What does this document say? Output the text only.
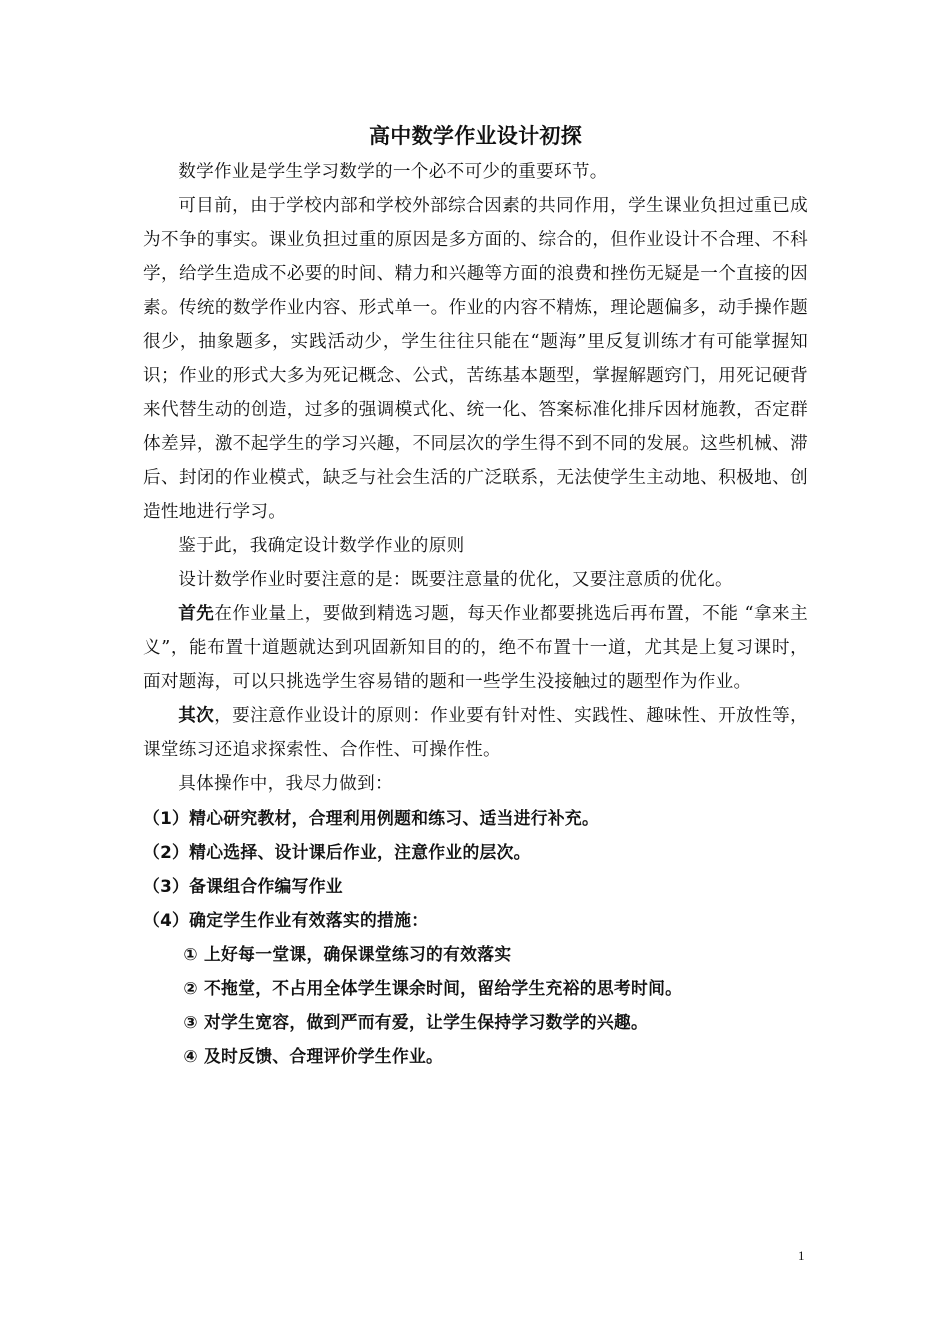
高中数学作业设计初探

数学作业是学生学习数学的一个必不可少的重要环节。

可目前，由于学校内部和学校外部综合因素的共同作用，学生课业负担过重已成为不争的事实。课业负担过重的原因是多方面的、综合的，但作业设计不合理、不科学，给学生造成不必要的时间、精力和兴趣等方面的浪费和挫伤无疑是一个直接的因素。传统的数学作业内容、形式单一。作业的内容不精炼，理论题偏多，动手操作题很少，抽象题多，实践活动少，学生往往只能在“题海”里反复训练才有可能掌握知识；作业的形式大多为死记概念、公式，苦练基本题型，掌握解题窍门，用死记硬背来代替生动的创造，过多的强调模式化、统一化、答案标准化排斥因材施教，否定群体差异，激不起学生的学习兴趣，不同层次的学生得不到不同的发展。这些机械、滞后、封闭的作业模式，缺乏与社会生活的广泛联系，无法使学生主动地、积极地、创造性地进行学习。

鉴于此，我确定设计数学作业的原则

设计数学作业时要注意的是：既要注意量的优化，又要注意质的优化。

首先在作业量上，要做到精选习题，每天作业都要挑选后再布置，不能 “拿来主义”，能布置十道题就达到巩固新知目的的，绝不布置十一道，尤其是上复习课时，面对题海，可以只挑选学生容易错的题和一些学生没接触过的题型作为作业。

其次，要注意作业设计的原则：作业要有针对性、实践性、趣味性、开放性等，课堂练习还追求探索性、合作性、可操作性。

具体操作中，我尽力做到：

（1）精心研究教材，合理利用例题和练习、适当进行补充。

（2）精心选择、设计课后作业，注意作业的层次。

（3）备课组合作编写作业

（4）确定学生作业有效落实的措施：

① 上好每一堂课，确保课堂练习的有效落实

② 不拖堂，不占用全体学生课余时间，留给学生充裕的思考时间。

③ 对学生宽容，做到严而有爱，让学生保持学习数学的兴趣。

④ 及时反馈、合理评价学生作业。

1
